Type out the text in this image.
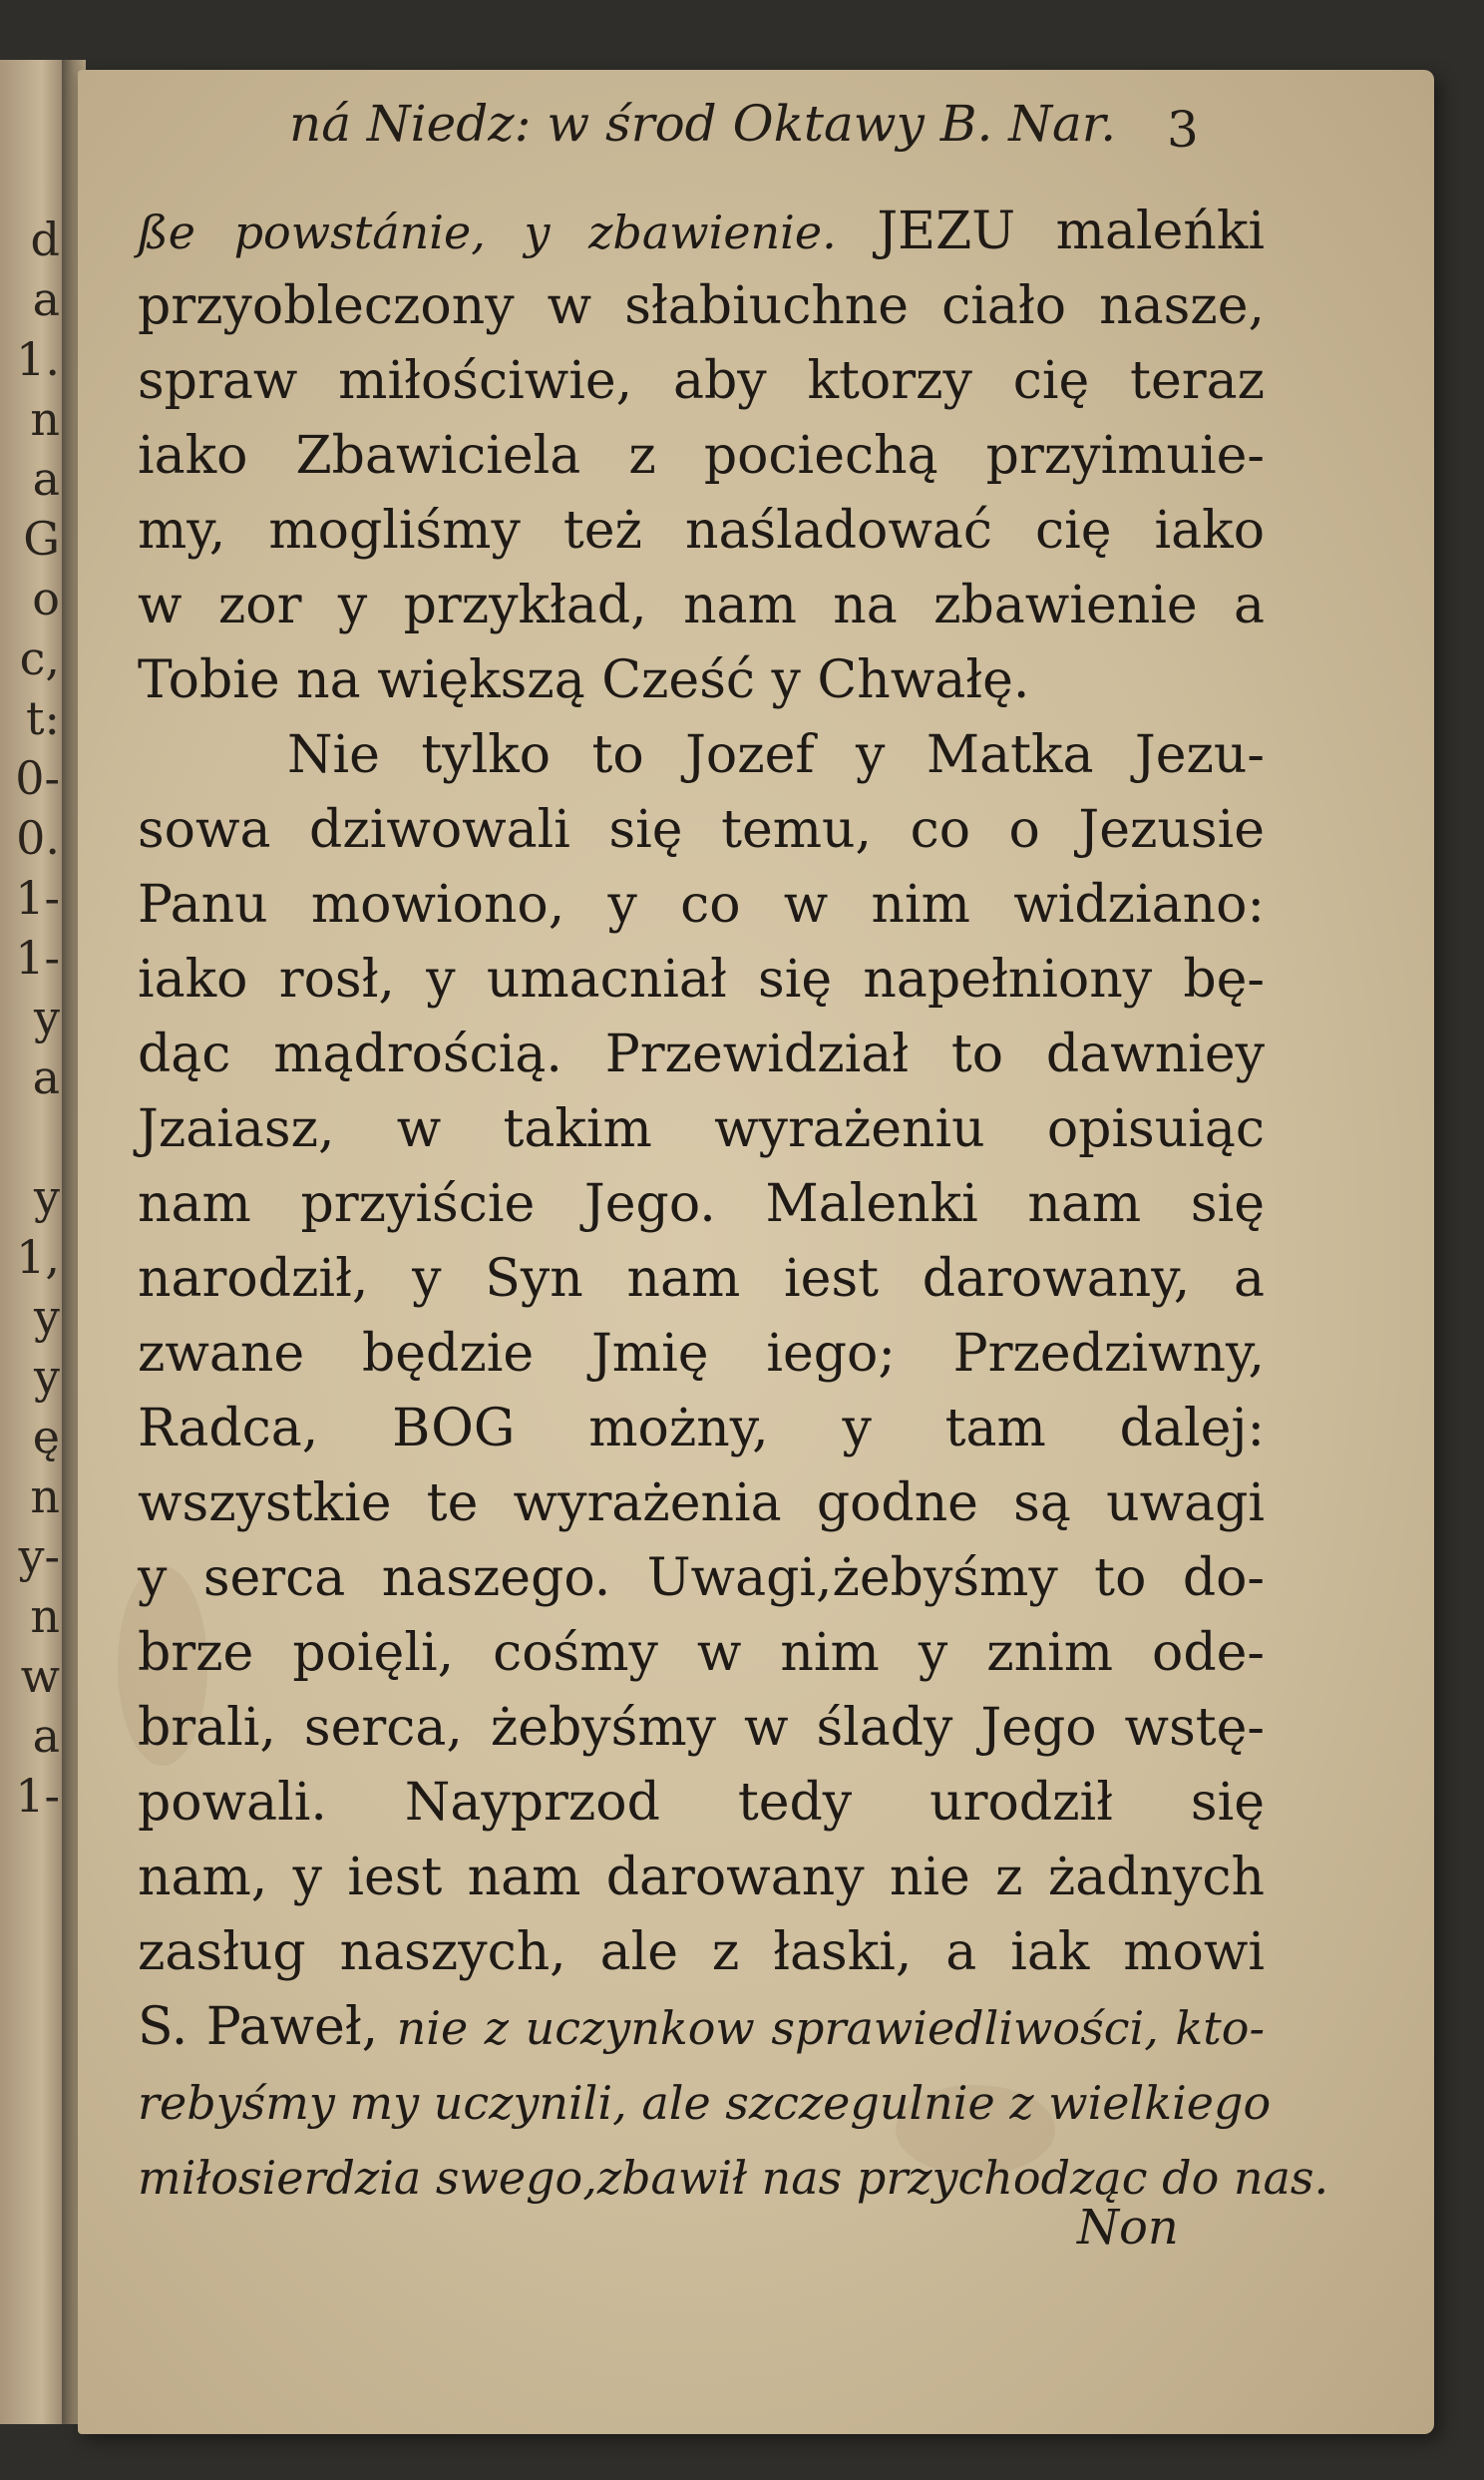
d
a
1.
n
a
G
o
c,
t:
0-
0.
1-
1-
y
a
y
1,
y
y
ę
n
y-
n
w
a
1-
ná Niedz: w środ Oktawy B. Nar. 3
ße powstánie, y zbawienie. JEZU maleńki
przyobleczony w słabiuchne ciało nasze,
spraw miłościwie, aby ktorzy cię teraz
iako Zbawiciela z pociechą przyimuie-
my, mogliśmy też naśladować cię iako
w zor y przykład, nam na zbawienie a
Tobie na większą Cześć y Chwałę.
Nie tylko to Jozef y Matka Jezu-
sowa dziwowali się temu, co o Jezusie
Panu mowiono, y co w nim widziano:
iako rosł, y umacniał się napełniony bę-
dąc mądrością. Przewidział to dawniey
Jzaiasz, w takim wyrażeniu opisuiąc
nam przyiście Jego. Malenki nam się
narodził, y Syn nam iest darowany, a
zwane będzie Jmię iego; Przedziwny,
Radca, BOG możny, y tam dalej:
wszystkie te wyrażenia godne są uwagi
y serca naszego. Uwagi,żebyśmy to do-
brze poięli, cośmy w nim y znim ode-
brali, serca, żebyśmy w ślady Jego wstę-
powali. Nayprzod tedy urodził się
nam, y iest nam darowany nie z żadnych
zasług naszych, ale z łaski, a iak mowi
S. Paweł, nie z uczynkow sprawiedliwości, kto-
rebyśmy my uczynili, ale szczegulnie z wielkiego
miłosierdzia swego,zbawił nas przychodząc do nas.
Non
